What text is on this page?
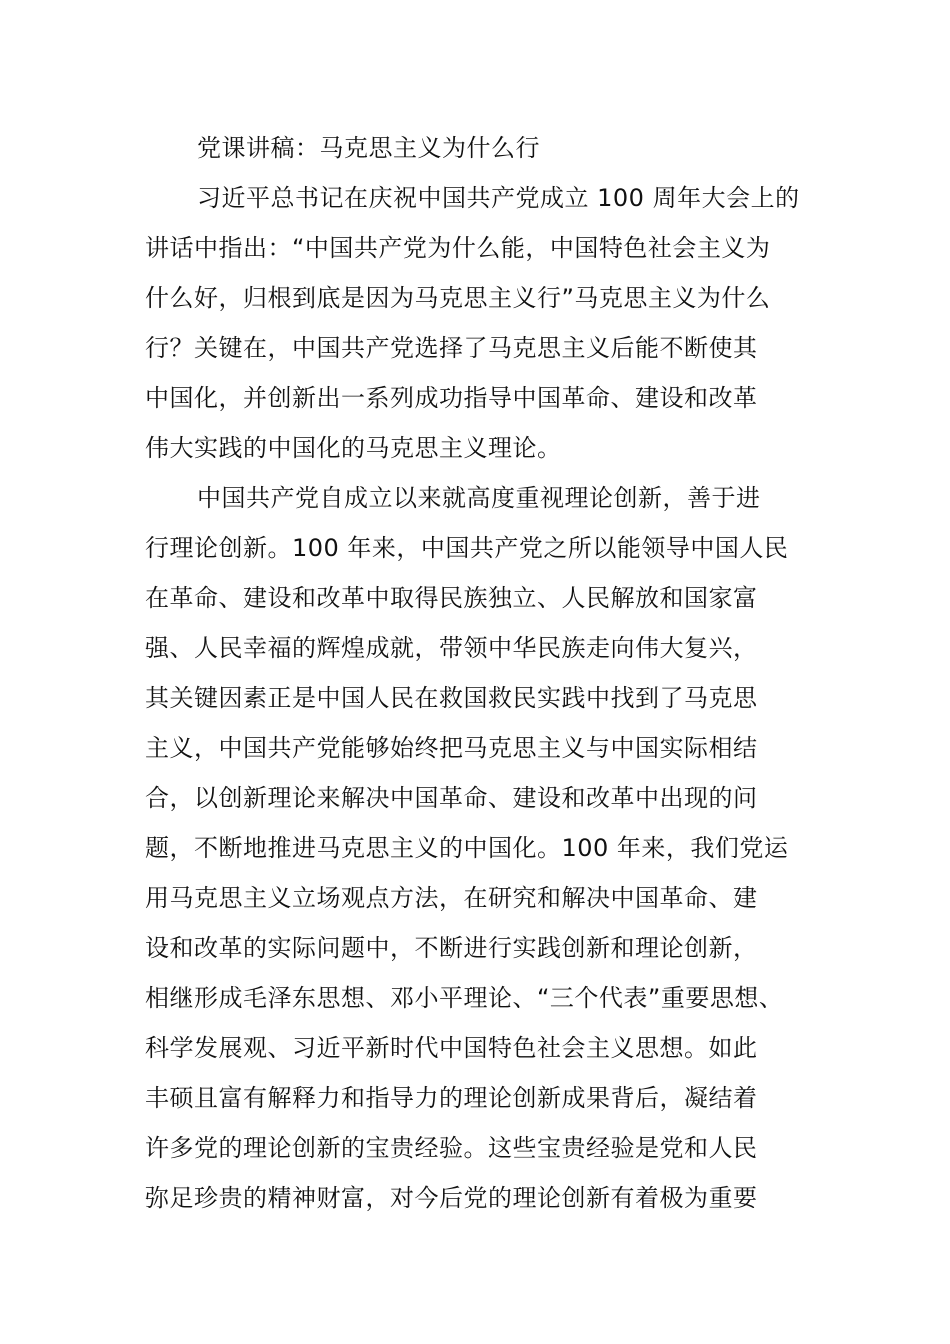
党课讲稿：马克思主义为什么行
习近平总书记在庆祝中国共产党成立 100 周年大会上的
讲话中指出：“中国共产党为什么能，中国特色社会主义为
什么好，归根到底是因为马克思主义行”马克思主义为什么
行？关键在，中国共产党选择了马克思主义后能不断使其
中国化，并创新出一系列成功指导中国革命、建设和改革
伟大实践的中国化的马克思主义理论。
中国共产党自成立以来就高度重视理论创新，善于进
行理论创新。100 年来，中国共产党之所以能领导中国人民
在革命、建设和改革中取得民族独立、人民解放和国家富
强、人民幸福的辉煌成就，带领中华民族走向伟大复兴，
其关键因素正是中国人民在救国救民实践中找到了马克思
主义，中国共产党能够始终把马克思主义与中国实际相结
合，以创新理论来解决中国革命、建设和改革中出现的问
题，不断地推进马克思主义的中国化。100 年来，我们党运
用马克思主义立场观点方法，在研究和解决中国革命、建
设和改革的实际问题中，不断进行实践创新和理论创新，
相继形成毛泽东思想、邓小平理论、“三个代表”重要思想、
科学发展观、习近平新时代中国特色社会主义思想。如此
丰硕且富有解释力和指导力的理论创新成果背后，凝结着
许多党的理论创新的宝贵经验。这些宝贵经验是党和人民
弥足珍贵的精神财富，对今后党的理论创新有着极为重要
